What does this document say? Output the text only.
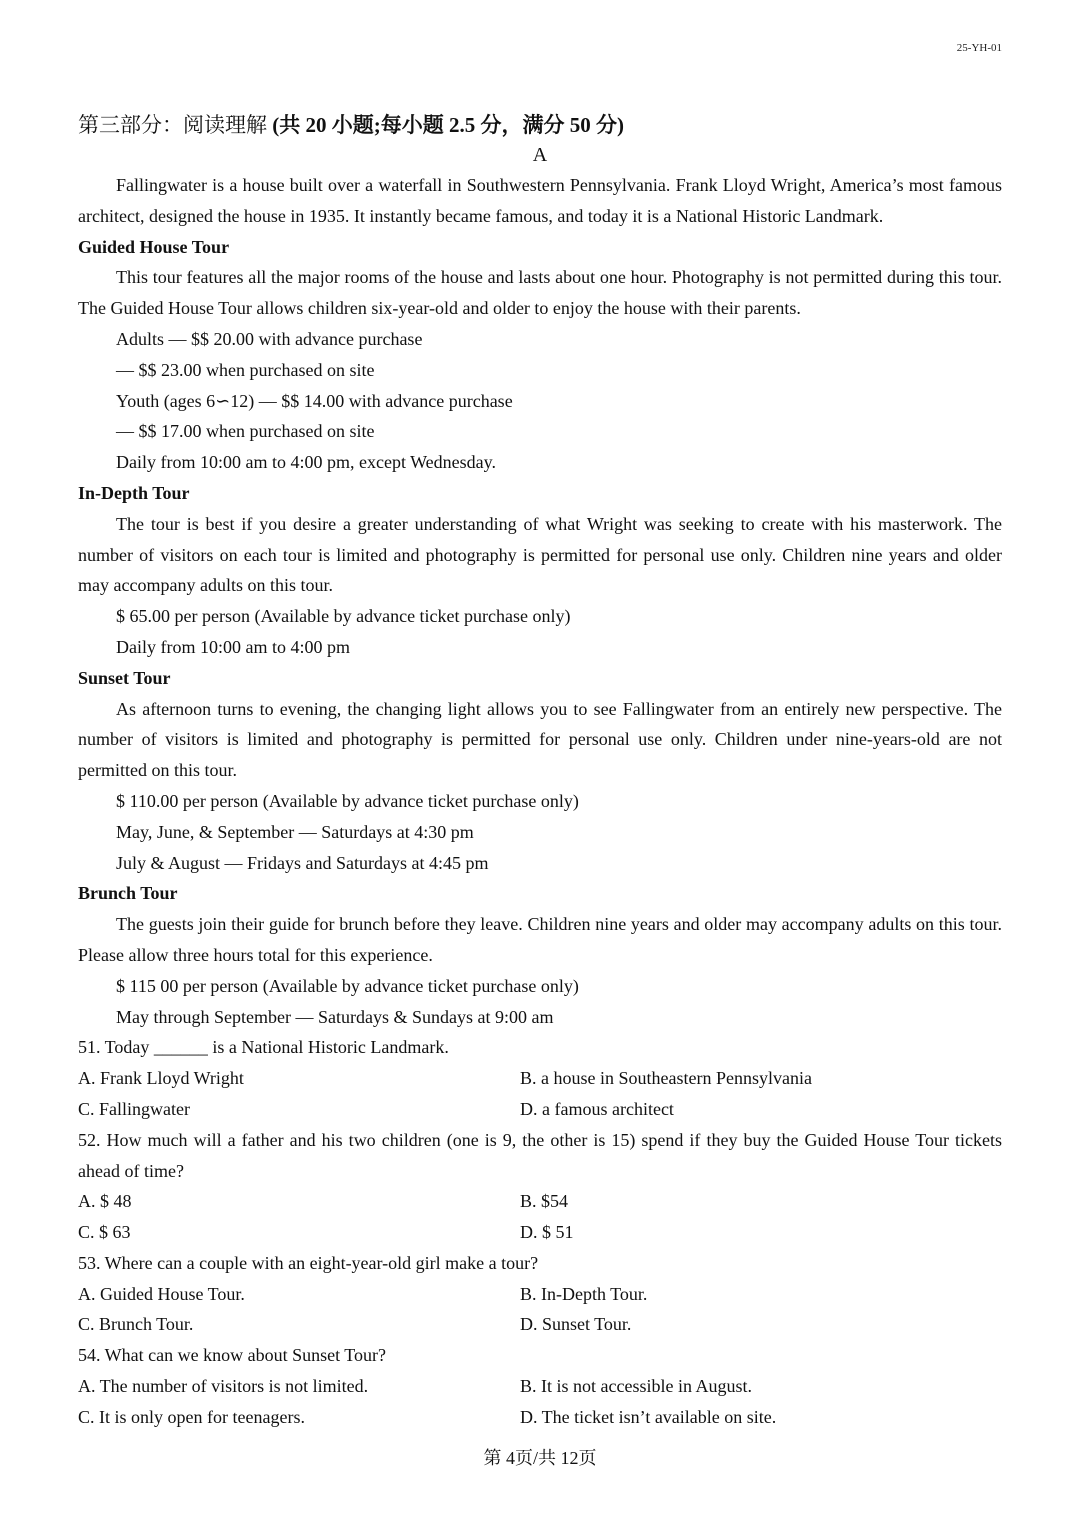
25-YH-01
第三部分：阅读理解 (共 20 小题;每小题 2.5 分，满分 50 分)
A

Fallingwater is a house built over a waterfall in Southwestern Pennsylvania. Frank Lloyd Wright, America’s most famous architect, designed the house in 1935. It instantly became famous, and today it is a National Historic Landmark.

Guided House Tour

This tour features all the major rooms of the house and lasts about one hour. Photography is not permitted during this tour. The Guided House Tour allows children six-year-old and older to enjoy the house with their parents.

Adults — $$ 20.00 with advance purchase
— $$ 23.00 when purchased on site
Youth (ages 6∽12) — $$ 14.00 with advance purchase
— $$ 17.00 when purchased on site
Daily from 10:00 am to 4:00 pm, except Wednesday.
In-Depth Tour

The tour is best if you desire a greater understanding of what Wright was seeking to create with his masterwork. The number of visitors on each tour is limited and photography is permitted for personal use only. Children nine years and older may accompany adults on this tour.

$ 65.00 per person (Available by advance ticket purchase only)
Daily from 10:00 am to 4:00 pm
Sunset Tour

As afternoon turns to evening, the changing light allows you to see Fallingwater from an entirely new perspective. The number of visitors is limited and photography is permitted for personal use only. Children under nine-years-old are not permitted on this tour.

$ 110.00 per person (Available by advance ticket purchase only)
May, June, & September — Saturdays at 4:30 pm
July & August — Fridays and Saturdays at 4:45 pm
Brunch Tour

The guests join their guide for brunch before they leave. Children nine years and older may accompany adults on this tour. Please allow three hours total for this experience.

$ 115 00 per person (Available by advance ticket purchase only)
May through September — Saturdays & Sundays at 9:00 am
51. Today ______ is a National Historic Landmark.
A. Frank Lloyd Wright	B. a house in Southeastern Pennsylvania
C. Fallingwater	D. a famous architect

52. How much will a father and his two children (one is 9, the other is 15) spend if they buy the Guided House Tour tickets ahead of time?

A. $ 48	B. $54
C. $ 63	D. $ 51
53. Where can a couple with an eight-year-old girl make a tour?
A. Guided House Tour.	B. In-Depth Tour.
C. Brunch Tour.	D. Sunset Tour.
54. What can we know about Sunset Tour?
A. The number of visitors is not limited.	B. It is not accessible in August.
C. It is only open for teenagers.	D. The ticket isn’t available on site.
第 4页/共 12页
